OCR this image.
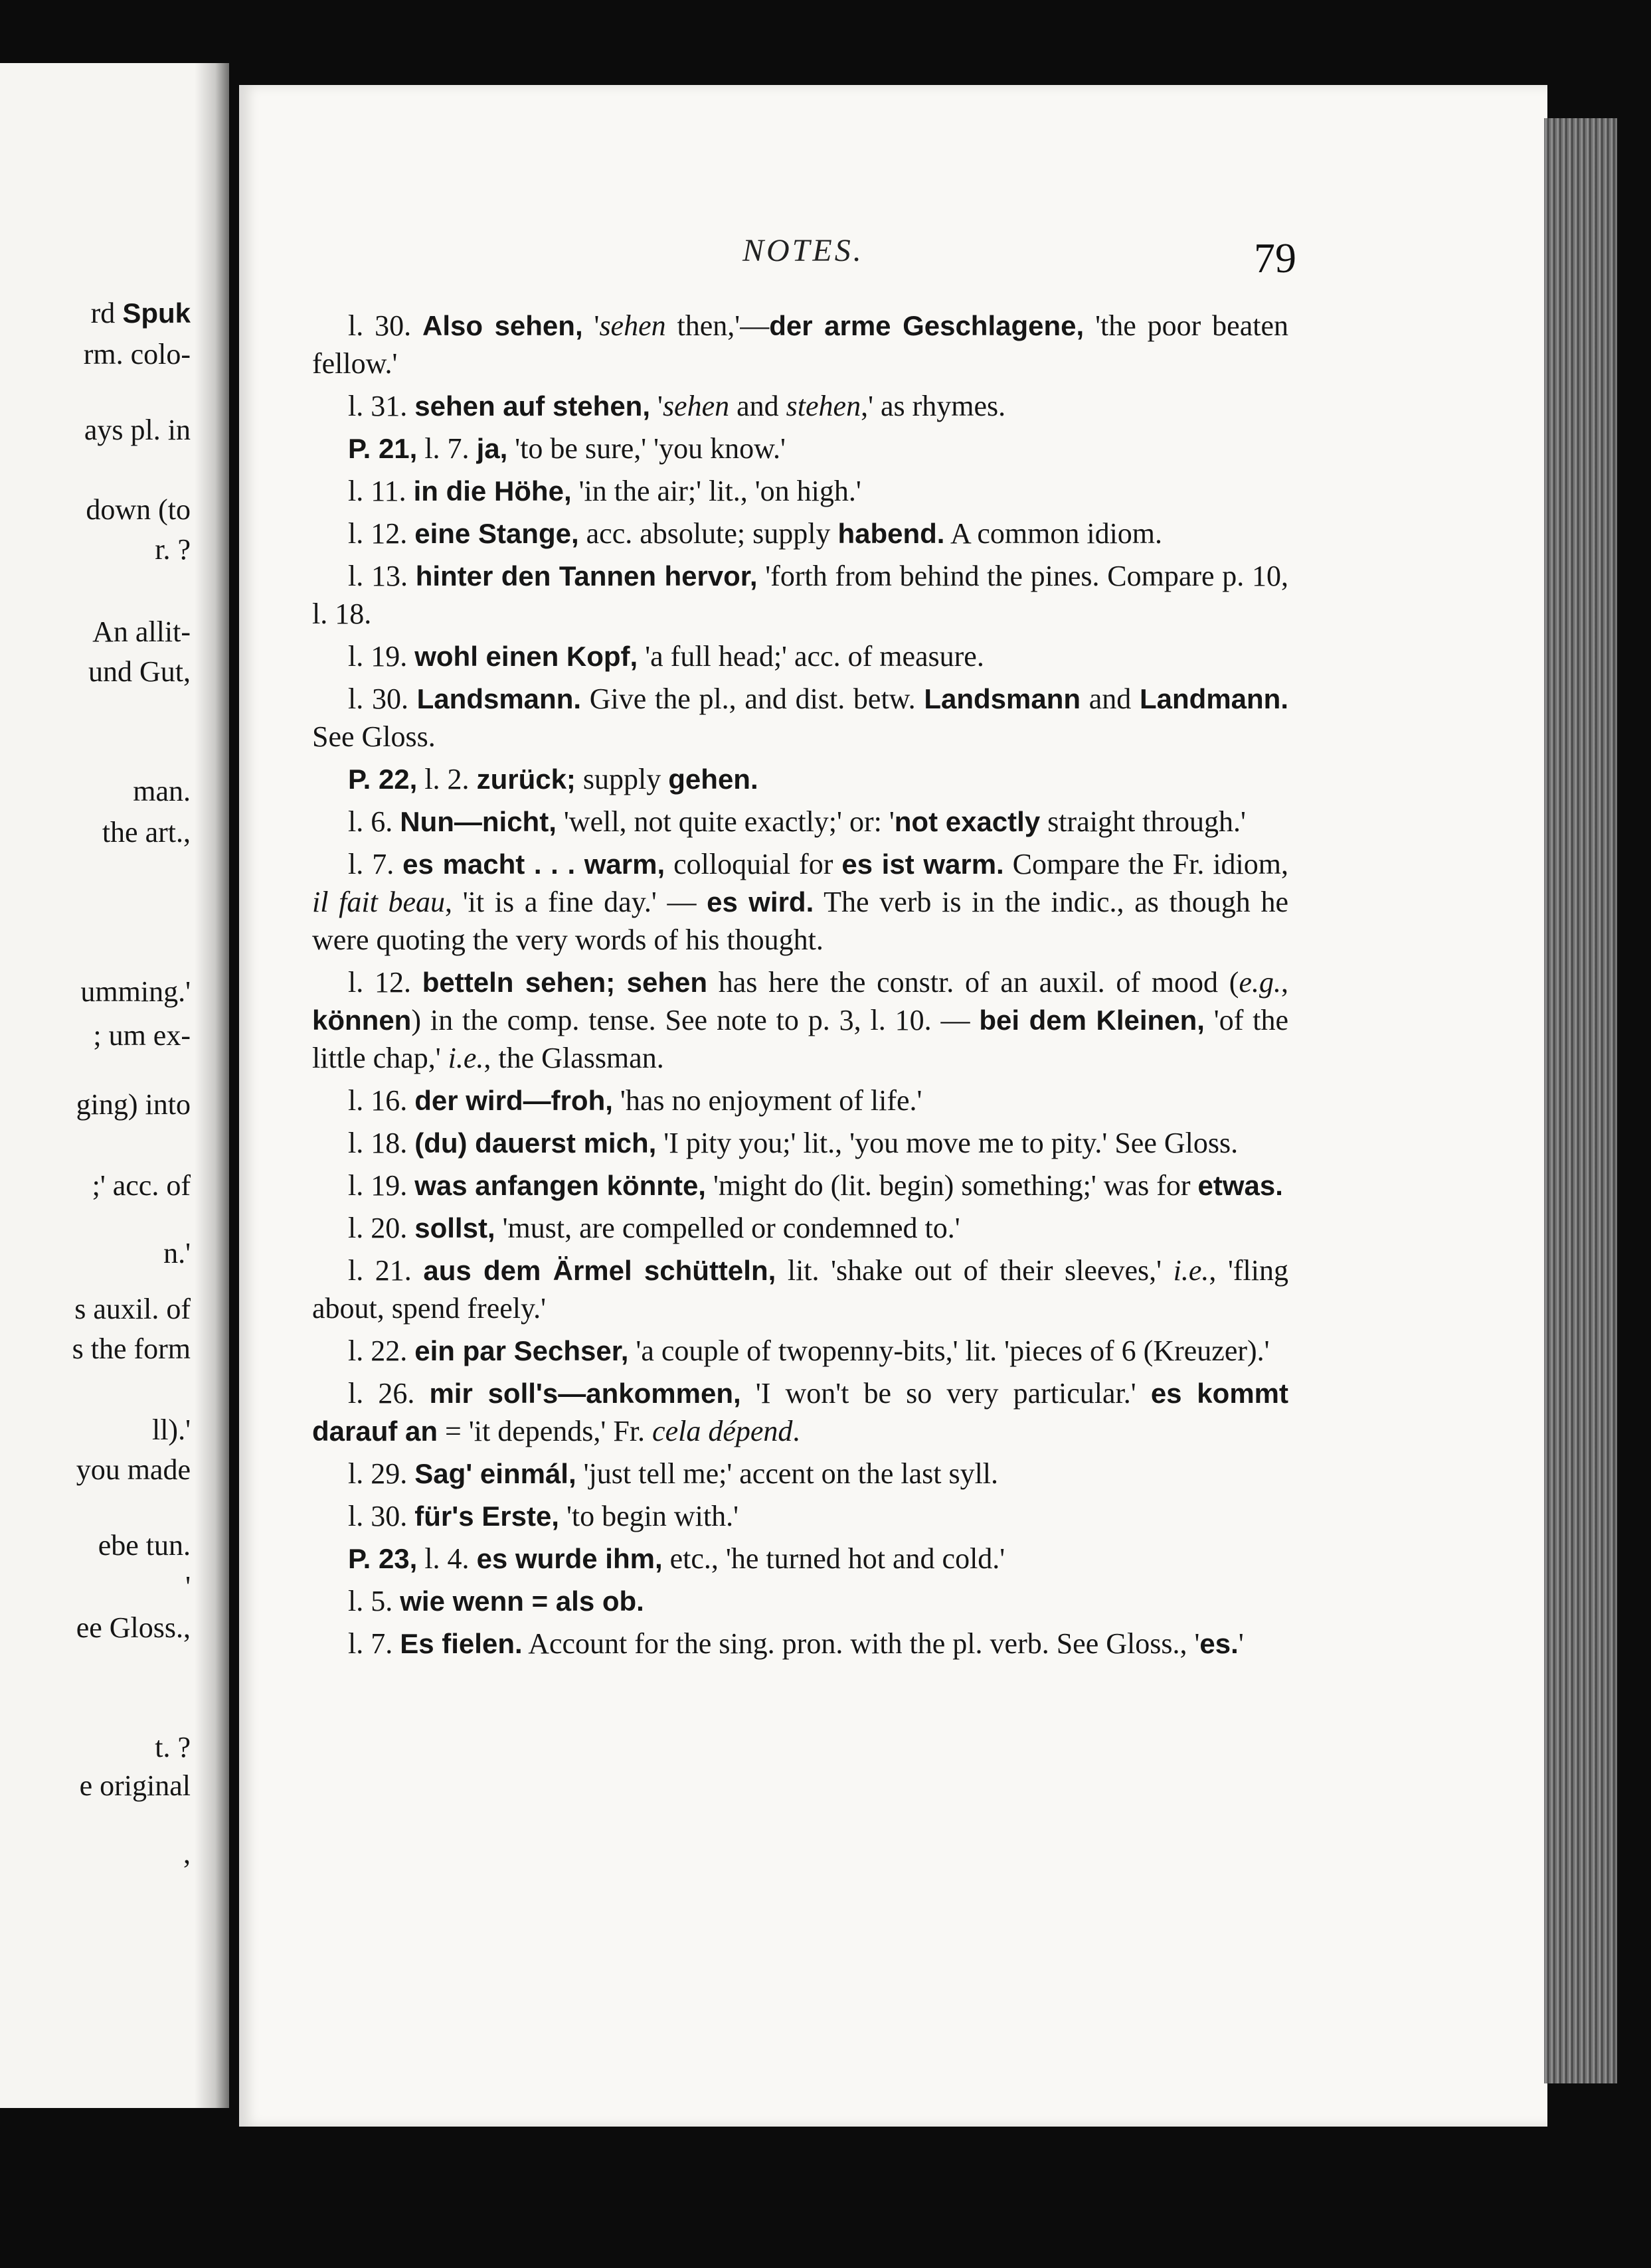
rd Spuk
rm. colo-
ays pl. in
down (to
r. ?
An allit-
und Gut,
man.
the art.,
umming.'
; um ex-
ging) into
;' acc. of
n.'
s auxil. of
s the form
ll).'
you made
ebe tun.
'
ee Gloss.,
t. ?
e original
,
NOTES.	79

l. 30. Also sehen, 'sehen then,'—der arme Geschlagene, 'the poor beaten fellow.'

l. 31. sehen auf stehen, 'sehen and stehen,' as rhymes.

P. 21, l. 7. ja, 'to be sure,' 'you know.'

l. 11. in die Höhe, 'in the air;' lit., 'on high.'

l. 12. eine Stange, acc. absolute; supply habend. A common idiom.

l. 13. hinter den Tannen hervor, 'forth from behind the pines. Compare p. 10, l. 18.

l. 19. wohl einen Kopf, 'a full head;' acc. of measure.

l. 30. Landsmann. Give the pl., and dist. betw. Landsmann and Landmann. See Gloss.

P. 22, l. 2. zurück; supply gehen.

l. 6. Nun—nicht, 'well, not quite exactly;' or: 'not exactly straight through.'

l. 7. es macht . . . warm, colloquial for es ist warm. Compare the Fr. idiom, il fait beau, 'it is a fine day.' — es wird. The verb is in the indic., as though he were quoting the very words of his thought.

l. 12. betteln sehen; sehen has here the constr. of an auxil. of mood (e.g., können) in the comp. tense. See note to p. 3, l. 10. — bei dem Kleinen, 'of the little chap,' i.e., the Glassman.

l. 16. der wird—froh, 'has no enjoyment of life.'

l. 18. (du) dauerst mich, 'I pity you;' lit., 'you move me to pity.' See Gloss.

l. 19. was anfangen könnte, 'might do (lit. begin) something;' was for etwas.

l. 20. sollst, 'must, are compelled or condemned to.'

l. 21. aus dem Ärmel schütteln, lit. 'shake out of their sleeves,' i.e., 'fling about, spend freely.'

l. 22. ein par Sechser, 'a couple of twopenny-bits,' lit. 'pieces of 6 (Kreuzer).'

l. 26. mir soll's—ankommen, 'I won't be so very particular.' es kommt darauf an = 'it depends,' Fr. cela dépend.

l. 29. Sag' einmál, 'just tell me;' accent on the last syll.

l. 30. für's Erste, 'to begin with.'

P. 23, l. 4. es wurde ihm, etc., 'he turned hot and cold.'

l. 5. wie wenn = als ob.

l. 7. Es fielen. Account for the sing. pron. with the pl. verb. See Gloss., 'es.'
